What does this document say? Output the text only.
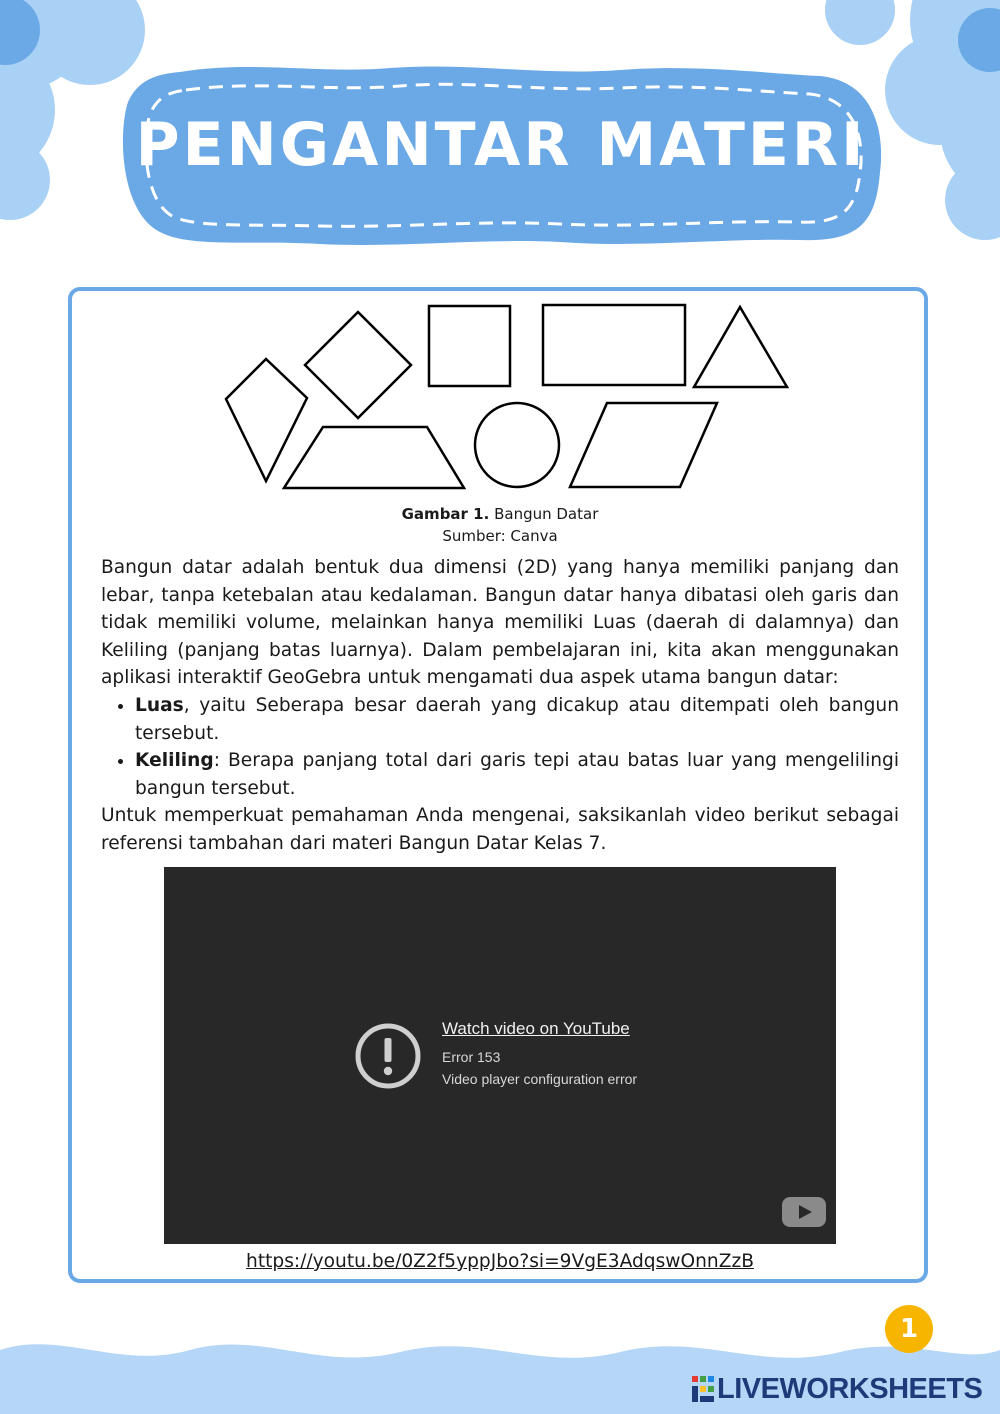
PENGANTAR MATERI
Gambar 1. Bangun Datar
Sumber: Canva

Bangun datar adalah bentuk dua dimensi (2D) yang hanya memiliki panjang dan lebar, tanpa ketebalan atau kedalaman. Bangun datar hanya dibatasi oleh garis dan tidak memiliki volume, melainkan hanya memiliki Luas (daerah di dalamnya) dan Keliling (panjang batas luarnya). Dalam pembelajaran ini, kita akan menggunakan aplikasi interaktif GeoGebra untuk mengamati dua aspek utama bangun datar:

• Luas, yaitu Seberapa besar daerah yang dicakup atau ditempati oleh bangun tersebut.
• Keliling: Berapa panjang total dari garis tepi atau batas luar yang mengelilingi bangun tersebut.

Untuk memperkuat pemahaman Anda mengenai, saksikanlah video berikut sebagai referensi tambahan dari materi Bangun Datar Kelas 7.

Watch video on YouTube
Error 153
Video player configuration error
https://youtu.be/0Z2f5yppJbo?si=9VgE3AdqswOnnZzB
1
LIVEWORKSHEETS
